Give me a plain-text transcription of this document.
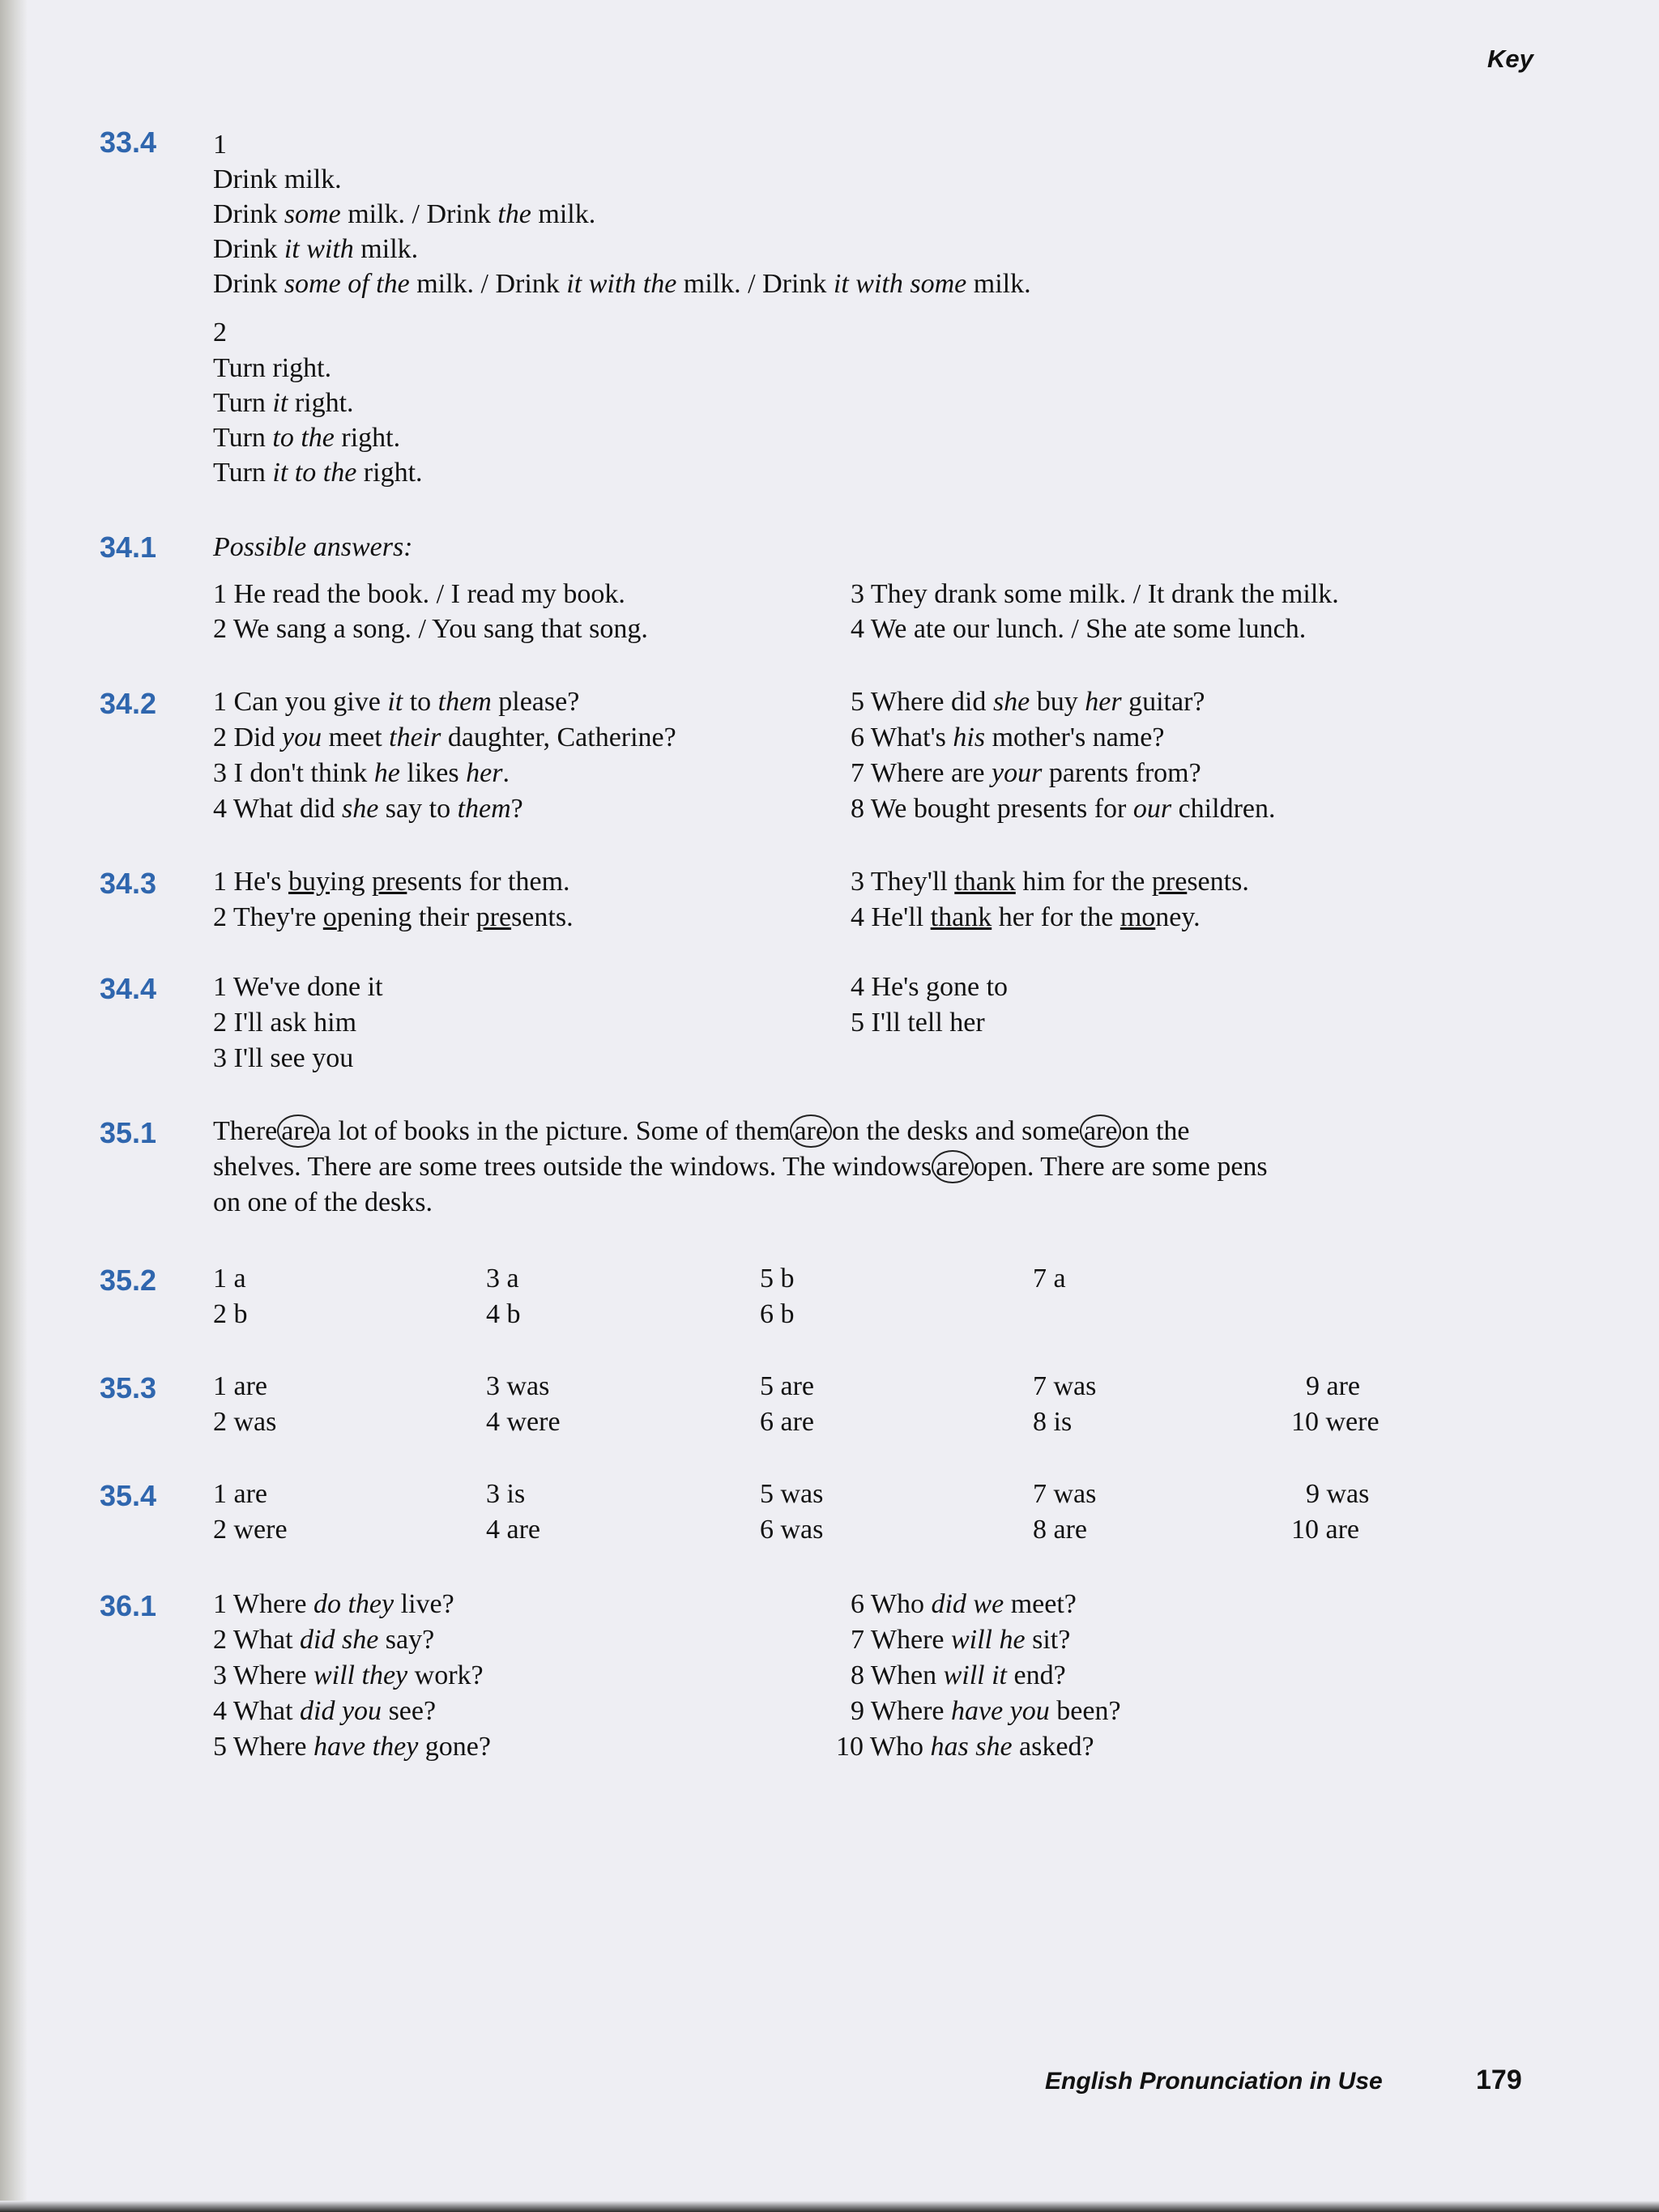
Key
33.4 1
Drink milk.
Drink some milk. / Drink the milk.
Drink it with milk.
Drink some of the milk. / Drink it with the milk. / Drink it with some milk.
2
Turn right.
Turn it right.
Turn to the right.
Turn it to the right.
34.1 Possible answers:
1 He read the book. / I read my book.
2 We sang a song. / You sang that song.
3 They drank some milk. / It drank the milk.
4 We ate our lunch. / She ate some lunch.
34.2 1 Can you give it to them please?
2 Did you meet their daughter, Catherine?
3 I don't think he likes her.
4 What did she say to them?
5 Where did she buy her guitar?
6 What's his mother's name?
7 Where are your parents from?
8 We bought presents for our children.
34.3 1 He's buying presents for them.
2 They're opening their presents.
3 They'll thank him for the presents.
4 He'll thank her for the money.
34.4 1 We've done it
2 I'll ask him
3 I'll see you
4 He's gone to
5 I'll tell her
35.1 There are a lot of books in the picture. Some of them are on the desks and some are on the
shelves. There are some trees outside the windows. The windows are open. There are some pens
on one of the desks.
35.2 1 a
2 b
3 a
4 b
5 b
6 b
7 a
35.3 1 are
2 was
3 was
4 were
5 are
6 are
7 was
8 is
9 are
10 were
35.4 1 are
2 were
3 is
4 are
5 was
6 was
7 was
8 are
9 was
10 are
36.1 1 Where do they live?
2 What did she say?
3 Where will they work?
4 What did you see?
5 Where have they gone?
6 Who did we meet?
7 Where will he sit?
8 When will it end?
9 Where have you been?
10 Who has she asked?
English Pronunciation in Use	179
